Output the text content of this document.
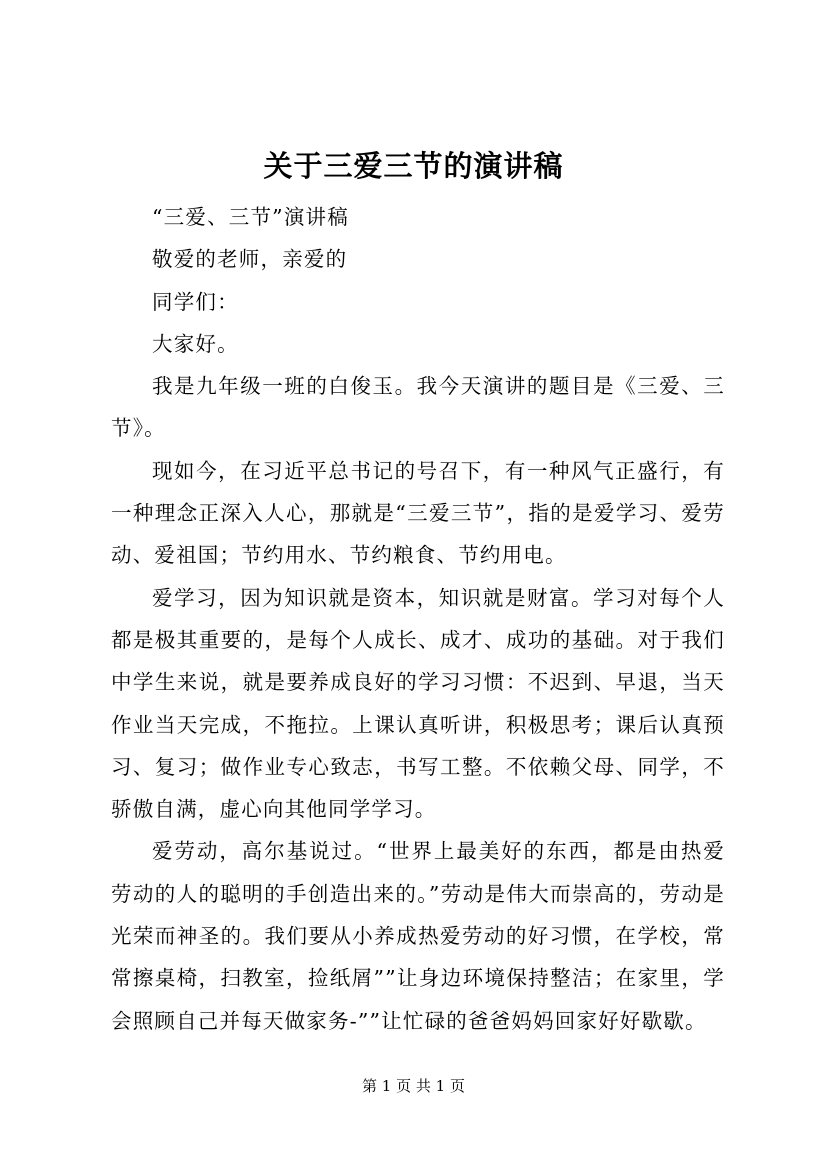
关于三爱三节的演讲稿

“三爱、三节”演讲稿

敬爱的老师，亲爱的

同学们：

大家好。

我是九年级一班的白俊玉。我今天演讲的题目是《三爱、三节》。

现如今，在习近平总书记的号召下，有一种风气正盛行，有一种理念正深入人心，那就是“三爱三节”，指的是爱学习、爱劳动、爱祖国；节约用水、节约粮食、节约用电。

爱学习，因为知识就是资本，知识就是财富。学习对每个人都是极其重要的，是每个人成长、成才、成功的基础。对于我们中学生来说，就是要养成良好的学习习惯：不迟到、早退，当天作业当天完成，不拖拉。上课认真听讲，积极思考；课后认真预习、复习；做作业专心致志，书写工整。不依赖父母、同学，不骄傲自满，虚心向其他同学学习。

爱劳动，高尔基说过。“世界上最美好的东西，都是由热爱劳动的人的聪明的手创造出来的。”劳动是伟大而崇高的，劳动是光荣而神圣的。我们要从小养成热爱劳动的好习惯，在学校，常常擦桌椅，扫教室，捡纸屑””让身边环境保持整洁；在家里，学会照顾自己并每天做家务-””让忙碌的爸爸妈妈回家好好歇歇。

第 1 页 共 1 页
